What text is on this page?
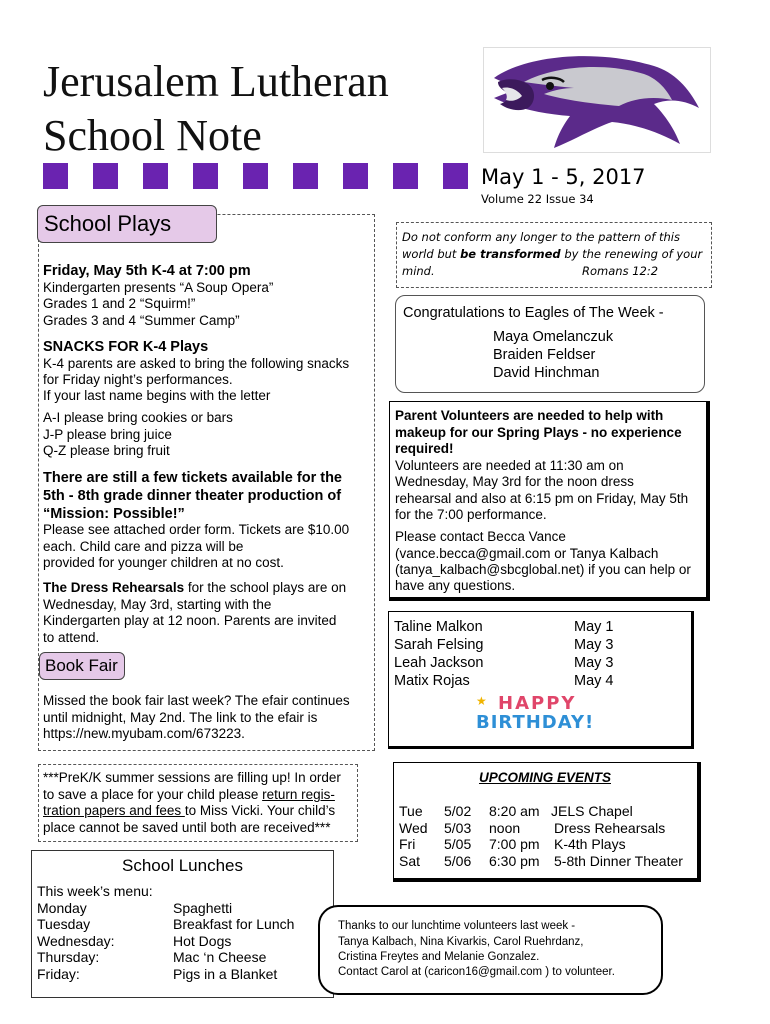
Jerusalem Lutheran
School Note
May 1 - 5, 2017
Volume 22 Issue 34
School Plays
Friday, May 5th K-4 at 7:00 pm
Kindergarten presents “A Soup Opera”
Grades 1 and 2 “Squirm!”
Grades 3 and 4 “Summer Camp”
SNACKS FOR K-4 Plays
K-4 parents are asked to bring the following snacks
for Friday night’s performances.
If your last name begins with the letter
A-I please bring cookies or bars
J-P please bring juice
Q-Z please bring fruit
There are still a few tickets available for the
5th - 8th grade dinner theater production of
“Mission: Possible!”
Please see attached order form. Tickets are $10.00
each. Child care and pizza will be
provided for younger children at no cost.
The Dress Rehearsals for the school plays are on
Wednesday, May 3rd, starting with the
Kindergarten play at 12 noon. Parents are invited
to attend.
Book Fair
Missed the book fair last week? The efair continues
until midnight, May 2nd. The link to the efair is
https://new.myubam.com/673223.
Do not conform any longer to the pattern of this
world but be transformed by the renewing of your
mind.	Romans 12:2
Congratulations to Eagles of The Week -
Maya Omelanczuk
Braiden Feldser
David Hinchman
Parent Volunteers are needed to help with
makeup for our Spring Plays - no experience
required!
Volunteers are needed at 11:30 am on
Wednesday, May 3rd for the noon dress
rehearsal and also at 6:15 pm on Friday, May 5th
for the 7:00 performance.
Please contact Becca Vance
(vance.becca@gmail.com or Tanya Kalbach
(tanya_kalbach@sbcglobal.net) if you can help or
have any questions.
Taline Malkon	May 1
Sarah Felsing	May 3
Leah Jackson	May 3
Matix Rojas	May 4
★ HAPPY
BIRTHDAY!
***PreK/K summer sessions are filling up! In order
to save a place for your child please return regis-
tration papers and fees to Miss Vicki. Your child’s
place cannot be saved until both are received***
UPCOMING EVENTS
Tue 5/02 8:20 am JELS Chapel
Wed 5/03 noon Dress Rehearsals
Fri 5/05 7:00 pm K-4th Plays
Sat 5/06 6:30 pm 5-8th Dinner Theater
School Lunches
This week’s menu:
Monday	Spaghetti
Tuesday	Breakfast for Lunch
Wednesday:	Hot Dogs
Thursday:	Mac ‘n Cheese
Friday:	Pigs in a Blanket
Thanks to our lunchtime volunteers last week -
Tanya Kalbach, Nina Kivarkis, Carol Ruehrdanz,
Cristina Freytes and Melanie Gonzalez.
Contact Carol at (caricon16@gmail.com ) to volunteer.
